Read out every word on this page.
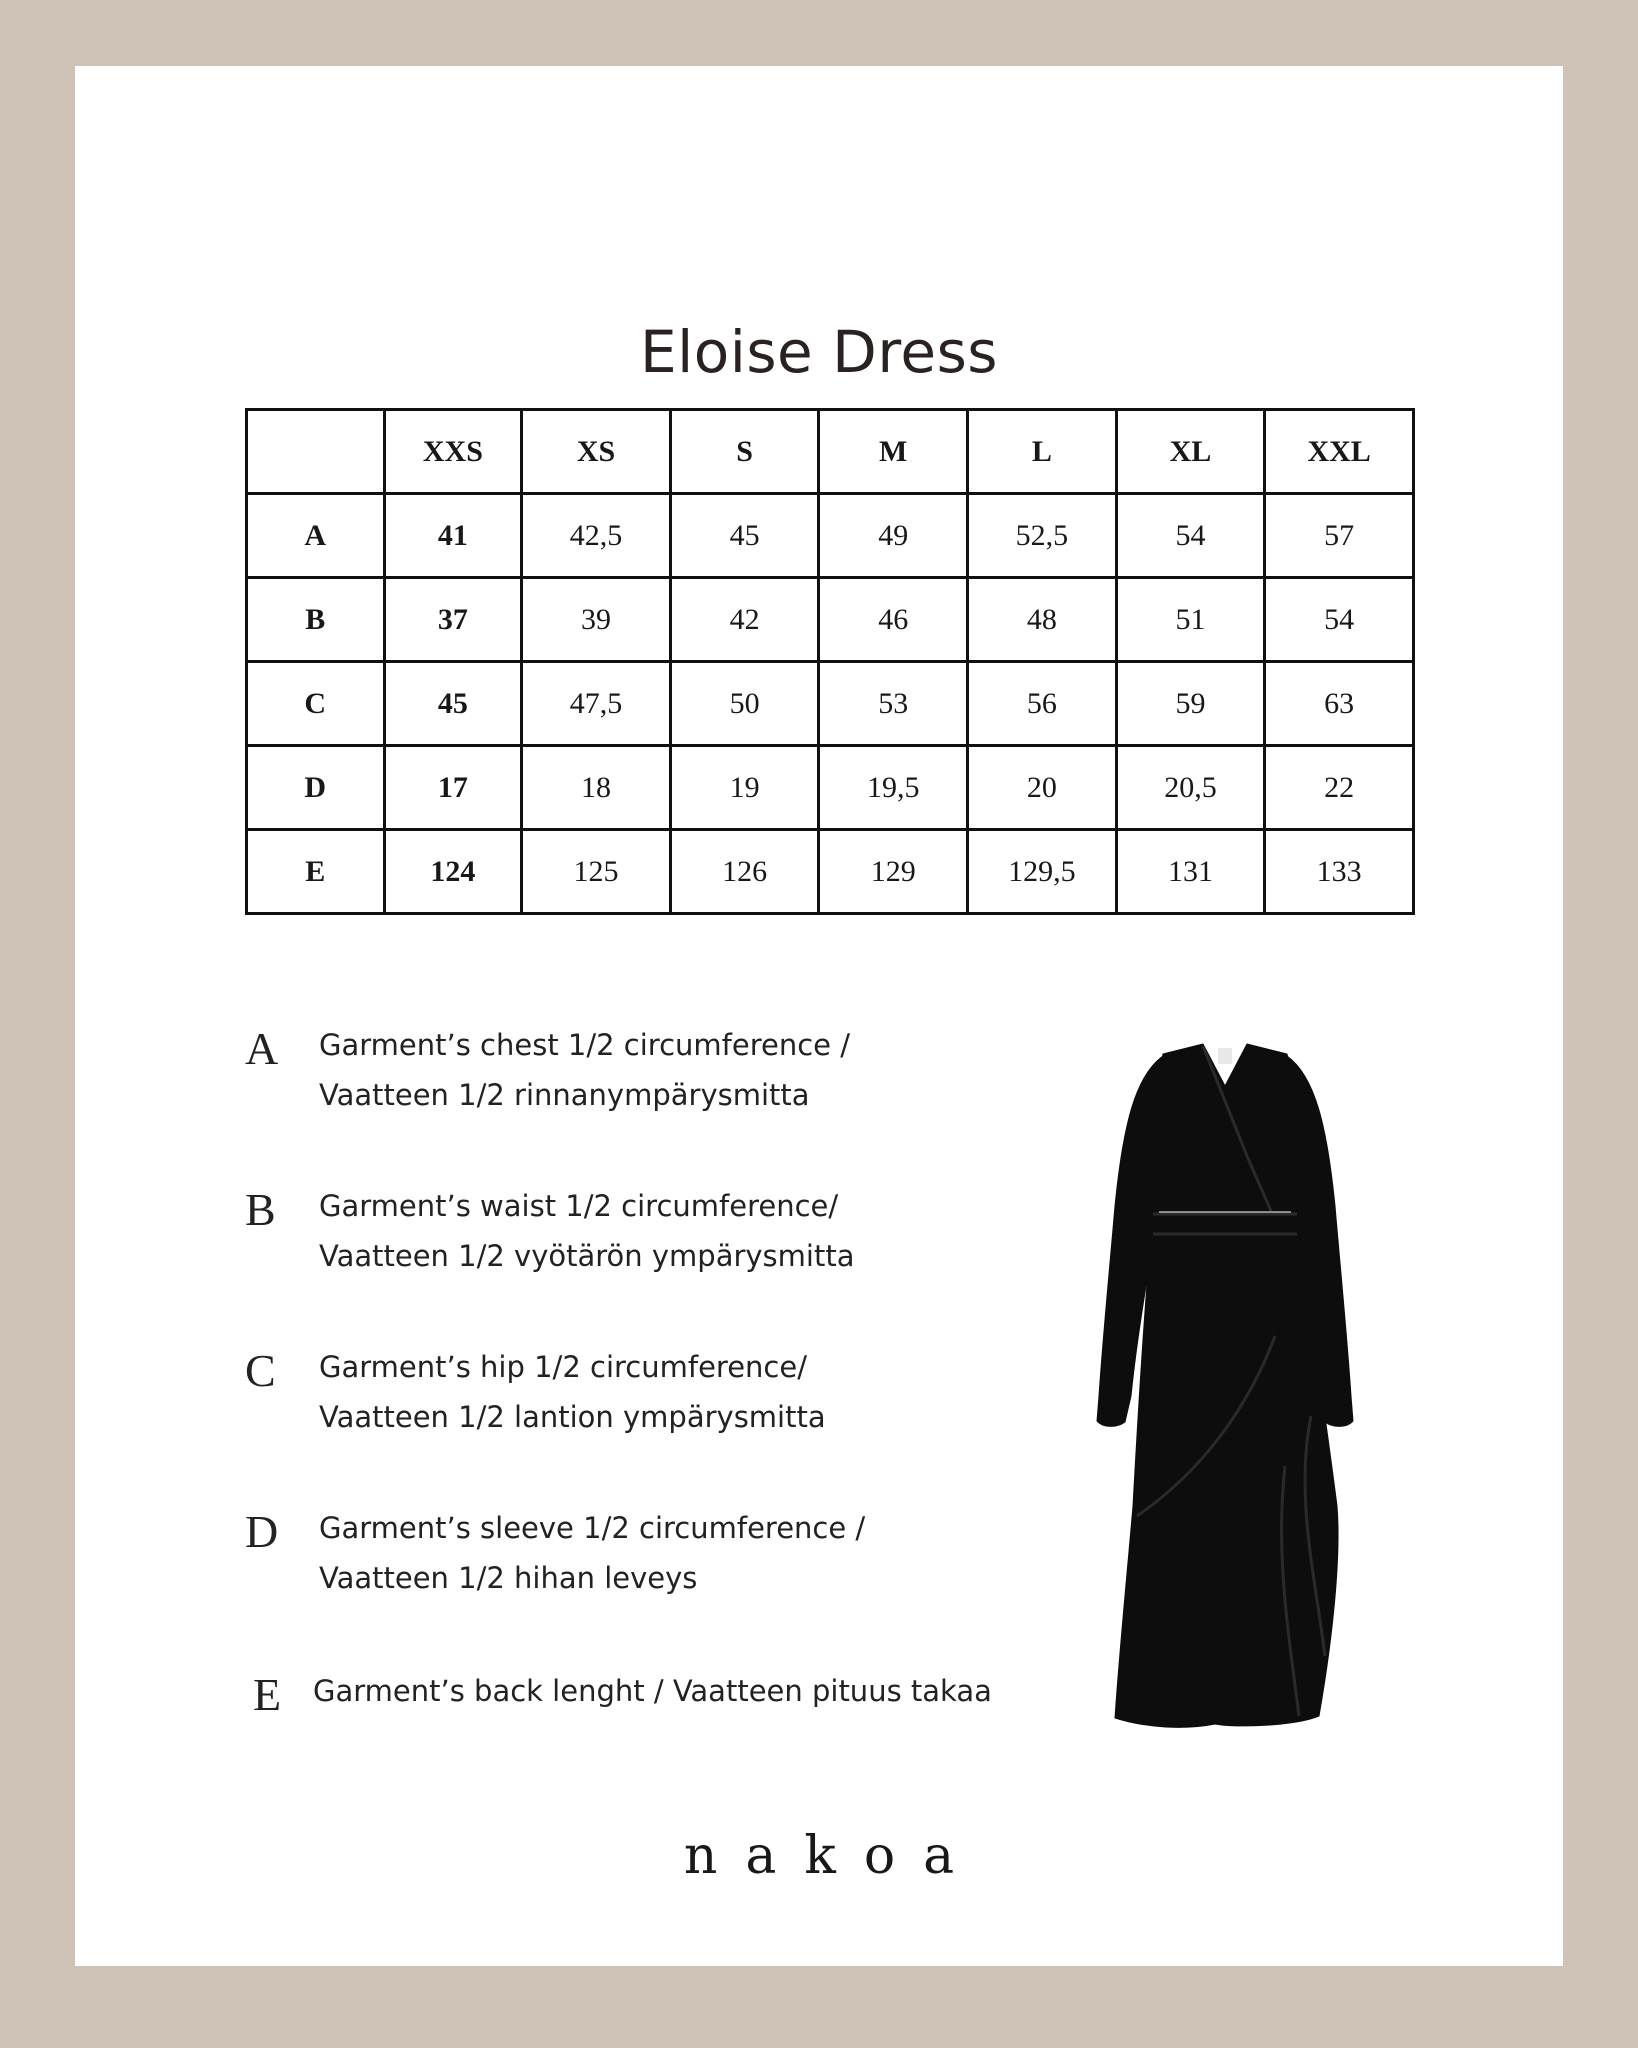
Eloise Dress
	XXS	XS	S	M	L	XL	XXL
A	41	42,5	45	49	52,5	54	57
B	37	39	42	46	48	51	54
C	45	47,5	50	53	56	59	63
D	17	18	19	19,5	20	20,5	22
E	124	125	126	129	129,5	131	133
A Garment’s chest 1/2 circumference /
Vaatteen 1/2 rinnanympärysmitta
B Garment’s waist 1/2 circumference/
Vaatteen 1/2 vyötärön ympärysmitta
C Garment’s hip 1/2 circumference/
Vaatteen 1/2 lantion ympärysmitta
D Garment’s sleeve 1/2 circumference /
Vaatteen 1/2 hihan leveys
E Garment’s back lenght / Vaatteen pituus takaa
nakoa
